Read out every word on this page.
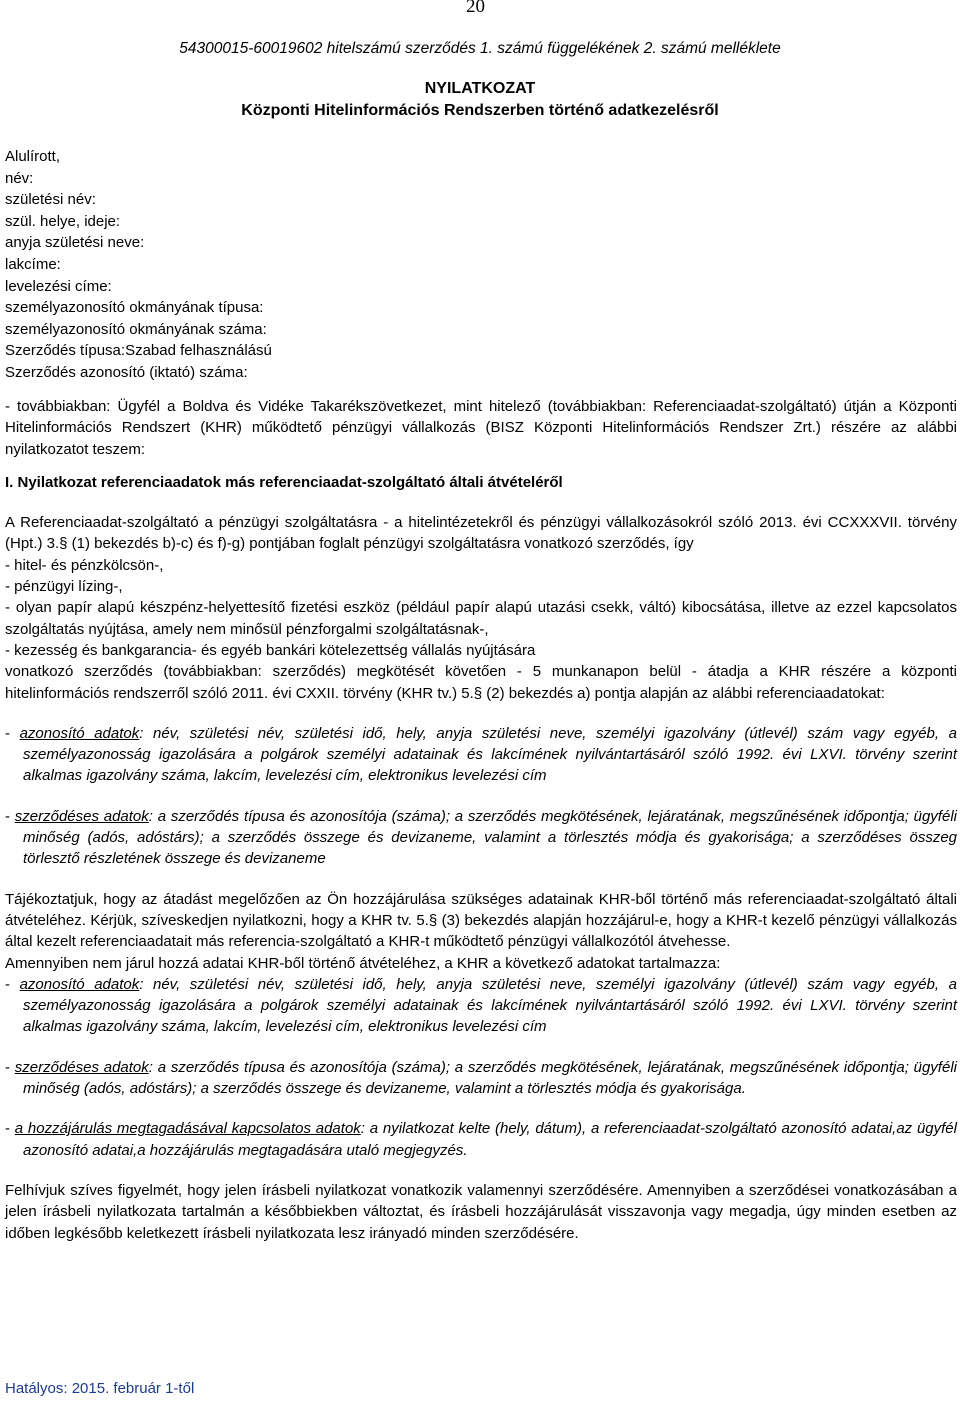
20
54300015-60019602 hitelszámú szerződés 1. számú függelékének 2. számú melléklete
NYILATKOZAT
Központi Hitelinformációs Rendszerben történő adatkezelésről
Alulírott,
név:
születési név:
szül. helye, ideje:
anyja születési neve:
lakcíme:
levelezési címe:
személyazonosító okmányának típusa:
személyazonosító okmányának száma:
Szerződés típusa:Szabad felhasználású
Szerződés azonosító (iktató) száma:
- továbbiakban: Ügyfél a Boldva és Vidéke Takarékszövetkezet, mint hitelező (továbbiakban: Referenciaadat-szolgáltató) útján a Központi Hitelinformációs Rendszert (KHR) működtető pénzügyi vállalkozás (BISZ Központi Hitelinformációs Rendszer Zrt.) részére az alábbi nyilatkozatot teszem:
I. Nyilatkozat referenciaadatok más referenciaadat-szolgáltató általi átvételéről
A Referenciaadat-szolgáltató a pénzügyi szolgáltatásra - a hitelintézetekről és pénzügyi vállalkozásokról szóló 2013. évi CCXXXVII. törvény (Hpt.) 3.§ (1) bekezdés b)-c) és f)-g) pontjában foglalt pénzügyi szolgáltatásra vonatkozó szerződés, így
- hitel- és pénzkölcsön-,
- pénzügyi lízing-,
- olyan papír alapú készpénz-helyettesítő fizetési eszköz (például papír alapú utazási csekk, váltó) kibocsátása, illetve az ezzel kapcsolatos szolgáltatás nyújtása, amely nem minősül pénzforgalmi szolgáltatásnak-,
- kezesség és bankgarancia- és egyéb bankári kötelezettség vállalás nyújtására
vonatkozó szerződés (továbbiakban: szerződés) megkötését követően - 5 munkanapon belül - átadja a KHR részére a központi hitelinformációs rendszerről szóló 2011. évi CXXII. törvény (KHR tv.) 5.§ (2) bekezdés a) pontja alapján az alábbi referenciaadatokat:
- azonosító adatok: név, születési név, születési idő, hely, anyja születési neve, személyi igazolvány (útlevél) szám vagy egyéb, a személyazonosság igazolására a polgárok személyi adatainak és lakcímének nyilvántartásáról szóló 1992. évi LXVI. törvény szerint alkalmas igazolvány száma, lakcím, levelezési cím, elektronikus levelezési cím
- szerződéses adatok: a szerződés típusa és azonosítója (száma); a szerződés megkötésének, lejáratának, megszűnésének időpontja; ügyféli minőség (adós, adóstárs); a szerződés összege és devizaneme, valamint a törlesztés módja és gyakorisága; a szerződéses összeg törlesztő részletének összege és devizaneme
Tájékoztatjuk, hogy az átadást megelőzően az Ön hozzájárulása szükséges adatainak KHR-ből történő más referenciaadat-szolgáltató általi átvételéhez. Kérjük, szíveskedjen nyilatkozni, hogy a KHR tv. 5.§ (3) bekezdés alapján hozzájárul-e, hogy a KHR-t kezelő pénzügyi vállalkozás által kezelt referenciaadatait más referencia-szolgáltató a KHR-t működtető pénzügyi vállalkozótól átvehesse.
Amennyiben nem járul hozzá adatai KHR-ből történő átvételéhez, a KHR a következő adatokat tartalmazza:
- azonosító adatok: név, születési név, születési idő, hely, anyja születési neve, személyi igazolvány (útlevél) szám vagy egyéb, a személyazonosság igazolására a polgárok személyi adatainak és lakcímének nyilvántartásáról szóló 1992. évi LXVI. törvény szerint alkalmas igazolvány száma, lakcím, levelezési cím, elektronikus levelezési cím
- szerződéses adatok: a szerződés típusa és azonosítója (száma); a szerződés megkötésének, lejáratának, megszűnésének időpontja; ügyféli minőség (adós, adóstárs); a szerződés összege és devizaneme, valamint a törlesztés módja és gyakorisága.
- a hozzájárulás megtagadásával kapcsolatos adatok: a nyilatkozat kelte (hely, dátum), a referenciaadat-szolgáltató azonosító adatai,az ügyfél azonosító adatai,a hozzájárulás megtagadására utaló megjegyzés.
Felhívjuk szíves figyelmét, hogy jelen írásbeli nyilatkozat vonatkozik valamennyi szerződésére. Amennyiben a szerződései vonatkozásában a jelen írásbeli nyilatkozata tartalmán a későbbiekben változtat, és írásbeli hozzájárulását visszavonja vagy megadja, úgy minden esetben az időben legkésőbb keletkezett írásbeli nyilatkozata lesz irányadó minden szerződésére.
Hatályos: 2015. február 1-től
